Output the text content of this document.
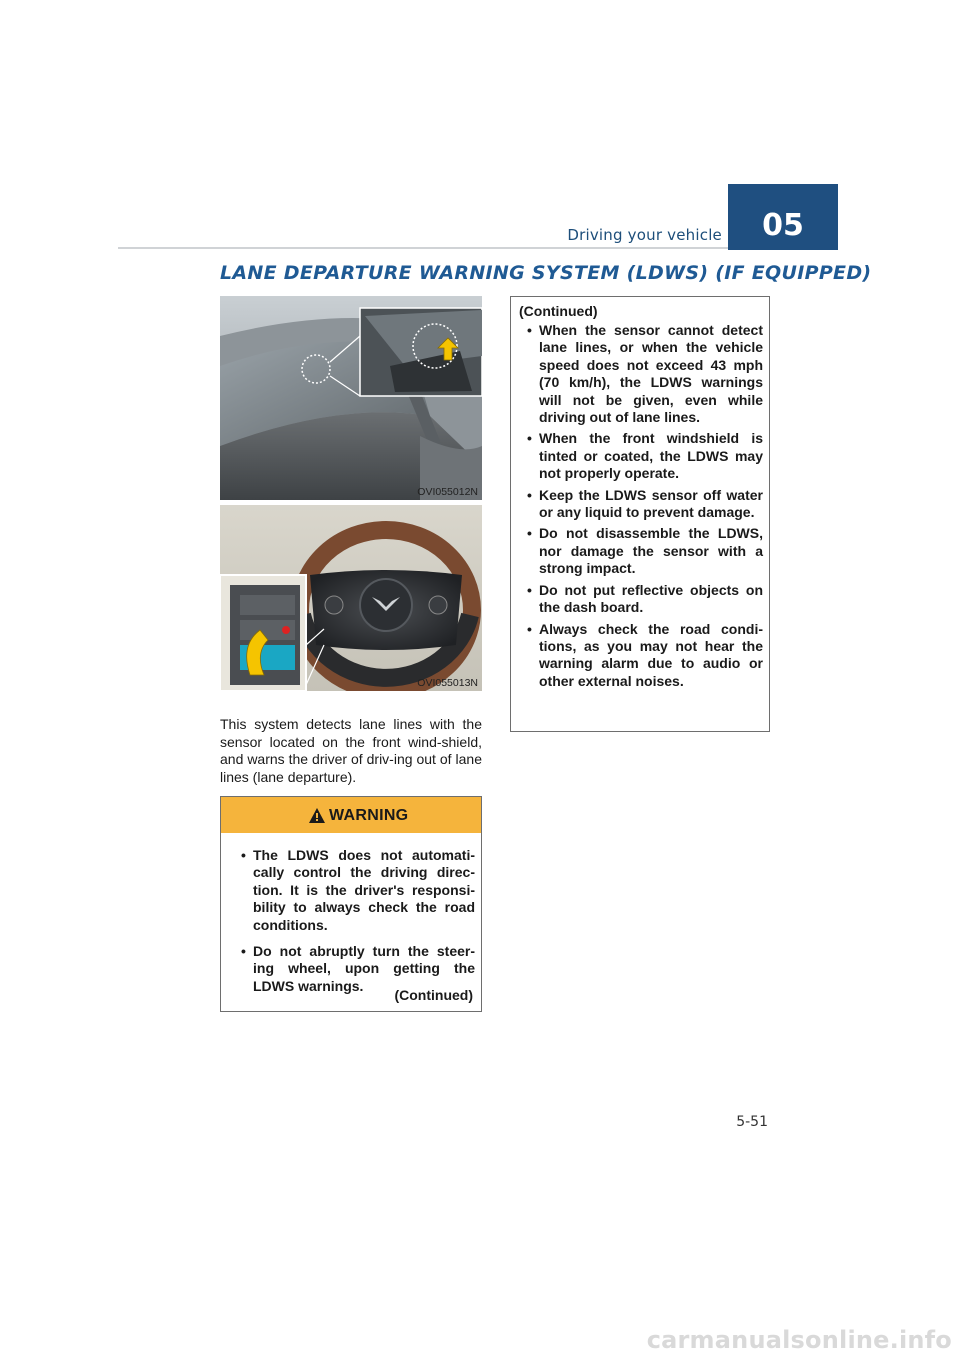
Driving your vehicle	05
LANE DEPARTURE WARNING SYSTEM (LDWS) (IF EQUIPPED)
OVI055012N
OVI055013N
This system detects lane lines with the sensor located on the front wind-shield, and warns the driver of driv-ing out of lane lines (lane departure).
WARNING
• The LDWS does not automati-cally control the driving direc-tion. It is the driver's responsi-bility to always check the road conditions.
• Do not abruptly turn the steer-ing wheel, upon getting the LDWS warnings.
(Continued)
(Continued)
• When the sensor cannot detect lane lines, or when the vehicle speed does not exceed 43 mph (70 km/h), the LDWS warnings will not be given, even while driving out of lane lines.
• When the front windshield is tinted or coated, the LDWS may not properly operate.
• Keep the LDWS sensor off water or any liquid to prevent damage.
• Do not disassemble the LDWS, nor damage the sensor with a strong impact.
• Do not put reflective objects on the dash board.
• Always check the road condi-tions, as you may not hear the warning alarm due to audio or other external noises.
5-51
carmanualsonline.info
